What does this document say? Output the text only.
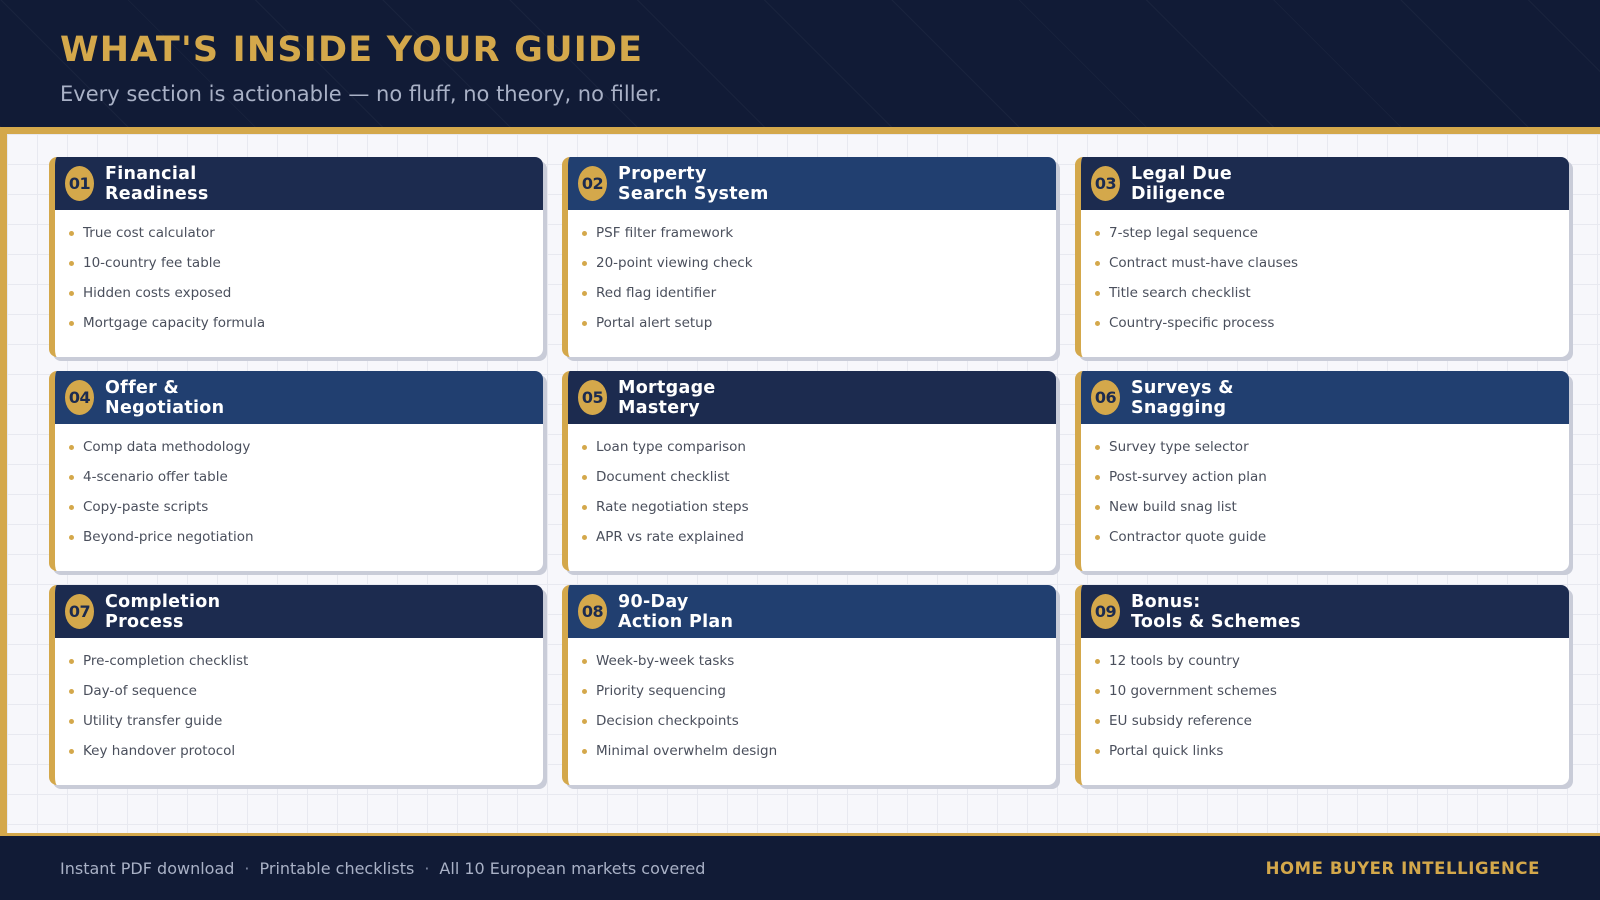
WHAT'S INSIDE YOUR GUIDE

Every section is actionable — no fluff, no theory, no filler.

01 Financial
Readiness
True cost calculator
10-country fee table
Hidden costs exposed
Mortgage capacity formula
02 Property
Search System
PSF filter framework
20-point viewing check
Red flag identifier
Portal alert setup
03 Legal Due
Diligence
7-step legal sequence
Contract must-have clauses
Title search checklist
Country-specific process
04 Offer &
Negotiation
Comp data methodology
4-scenario offer table
Copy-paste scripts
Beyond-price negotiation
05 Mortgage
Mastery
Loan type comparison
Document checklist
Rate negotiation steps
APR vs rate explained
06 Surveys &
Snagging
Survey type selector
Post-survey action plan
New build snag list
Contractor quote guide
07 Completion
Process
Pre-completion checklist
Day-of sequence
Utility transfer guide
Key handover protocol
08 90-Day
Action Plan
Week-by-week tasks
Priority sequencing
Decision checkpoints
Minimal overwhelm design
09 Bonus:
Tools & Schemes
12 tools by country
10 government schemes
EU subsidy reference
Portal quick links
Instant PDF download · Printable checklists · All 10 European markets covered	HOME BUYER INTELLIGENCE
